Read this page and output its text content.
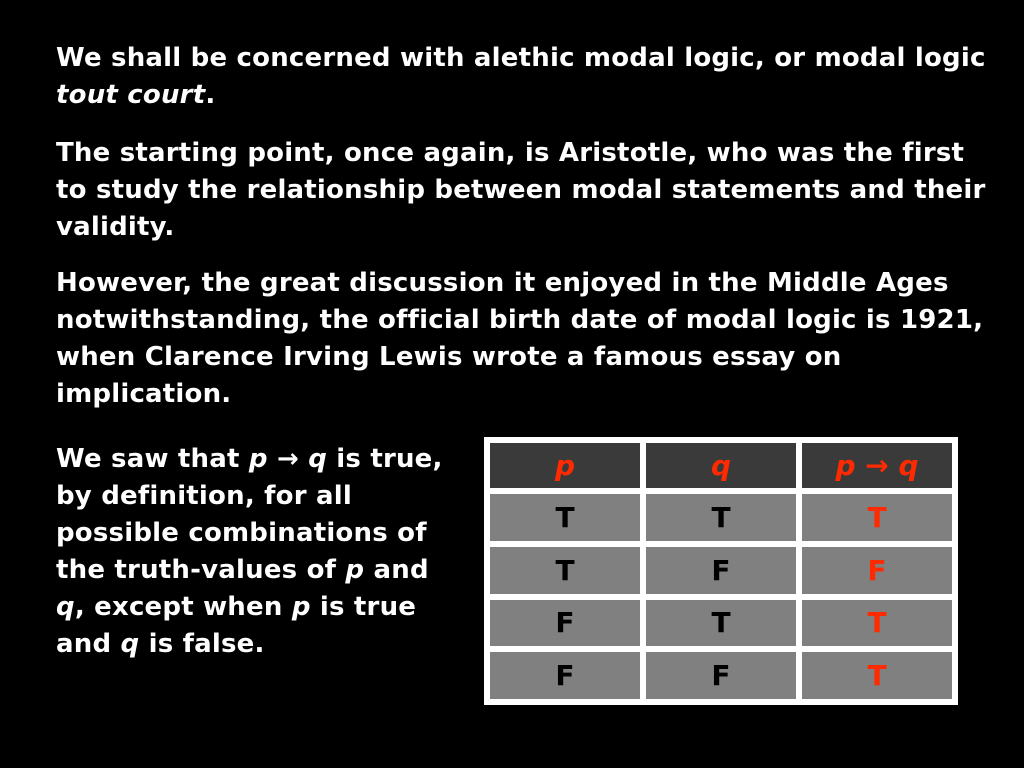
We shall be concerned with alethic modal logic, or modal logic tout court.

The starting point, once again, is Aristotle, who was the first to study the relationship between modal statements and their validity.

However, the great discussion it enjoyed in the Middle Ages notwithstanding, the official birth date of modal logic is 1921, when Clarence Irving Lewis wrote a famous essay on implication.

We saw that p → q is true, by definition, for all possible combinations of the truth-values of p and q, except when p is true and q is false.

p	q	p → q
T	T	T
T	F	F
F	T	T
F	F	T
